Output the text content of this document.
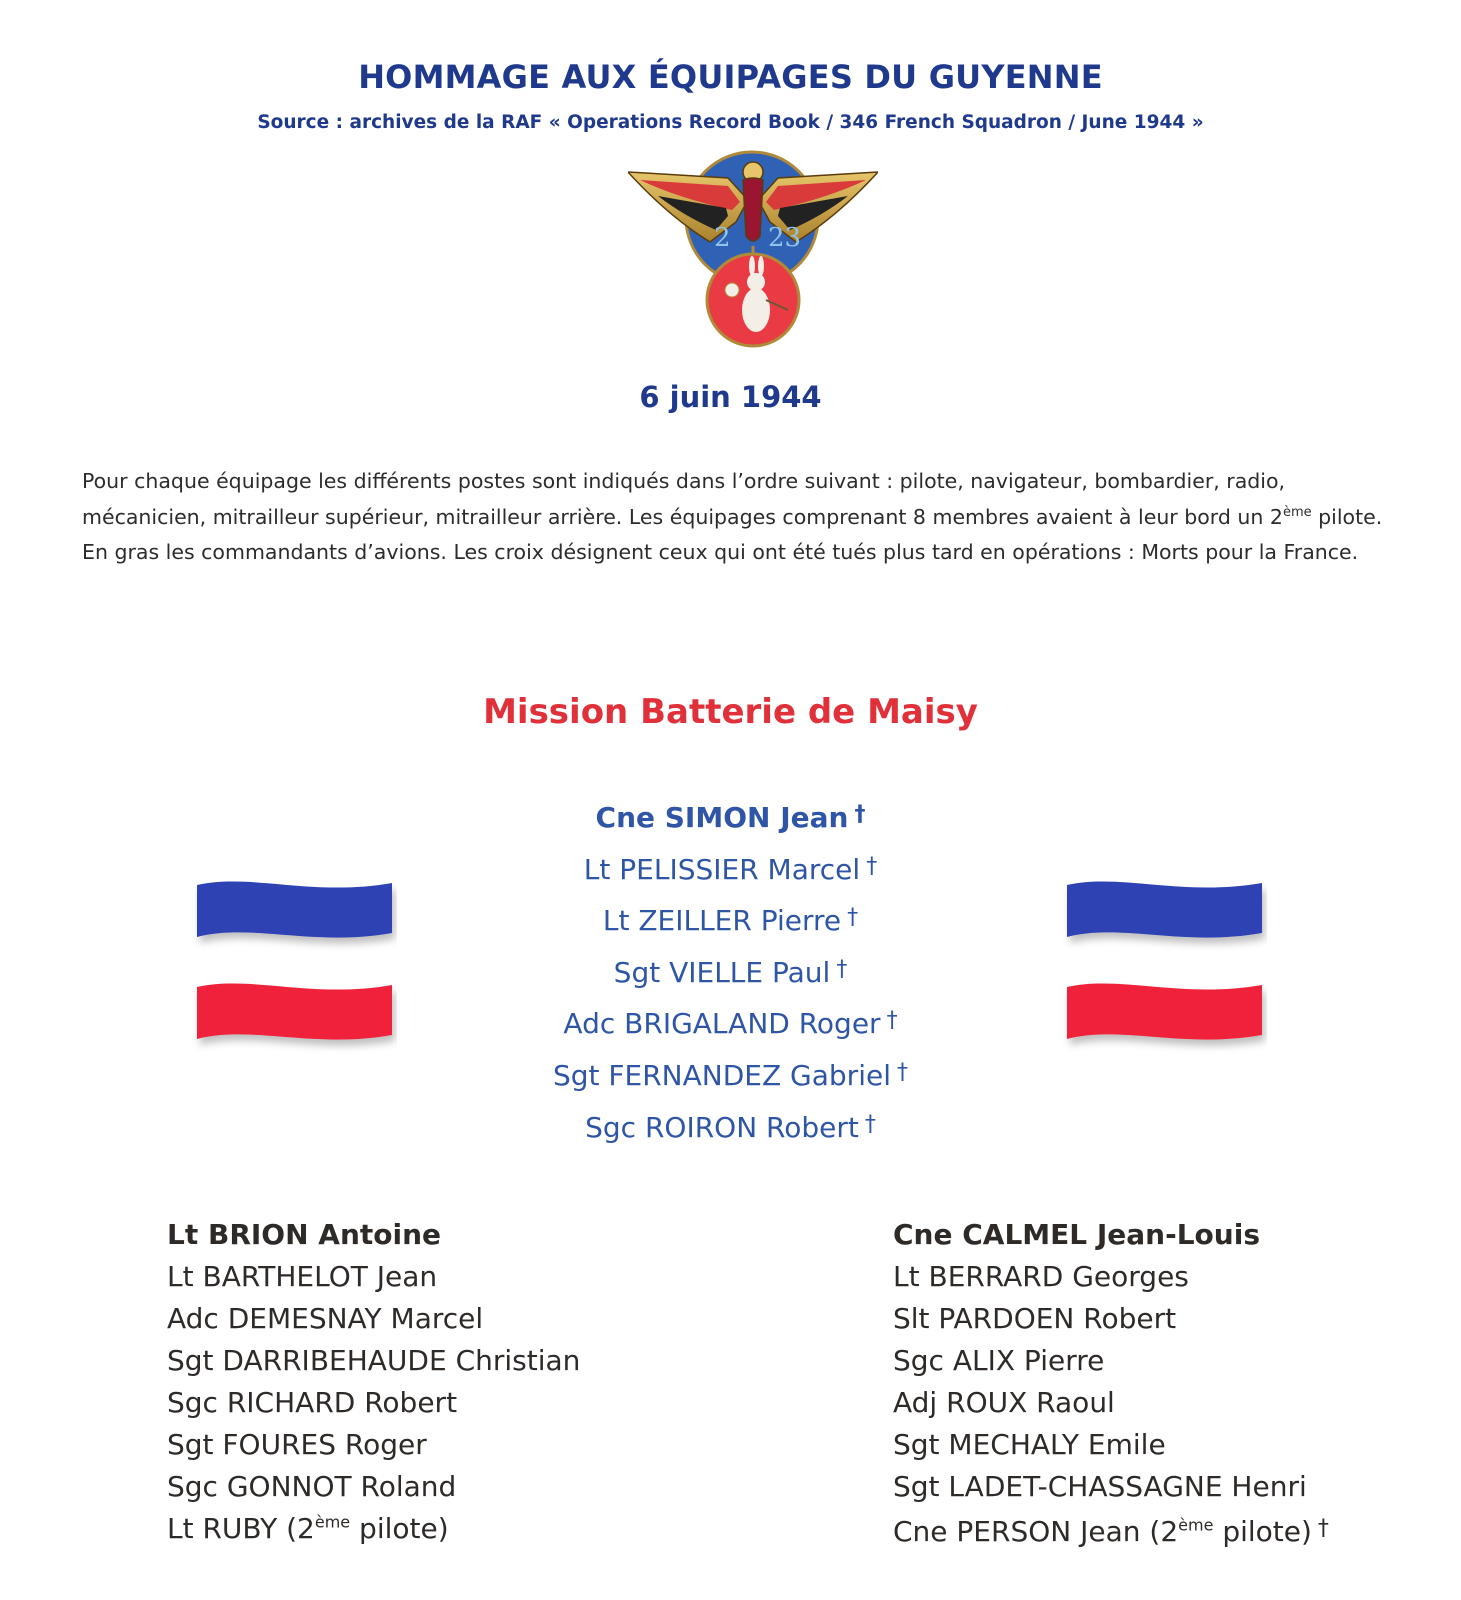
HOMMAGE AUX ÉQUIPAGES DU GUYENNE
Source : archives de la RAF « Operations Record Book / 346 French Squadron / June 1944 »
2 23
6 juin 1944
Pour chaque équipage les différents postes sont indiqués dans l’ordre suivant : pilote, navigateur, bombardier, radio, mécanicien, mitrailleur supérieur, mitrailleur arrière. Les équipages comprenant 8 membres avaient à leur bord un 2ème pilote. En gras les commandants d’avions. Les croix désignent ceux qui ont été tués plus tard en opérations : Morts pour la France.
Mission Batterie de Maisy
Cne SIMON Jean †
Lt PELISSIER Marcel †
Lt ZEILLER Pierre †
Sgt VIELLE Paul †
Adc BRIGALAND Roger †
Sgt FERNANDEZ Gabriel †
Sgc ROIRON Robert †
Lt BRION Antoine
Lt BARTHELOT Jean
Adc DEMESNAY Marcel
Sgt DARRIBEHAUDE Christian
Sgc RICHARD Robert
Sgt FOURES Roger
Sgc GONNOT Roland
Lt RUBY (2ème pilote)
Cne CALMEL Jean-Louis
Lt BERRARD Georges
Slt PARDOEN Robert
Sgc ALIX Pierre
Adj ROUX Raoul
Sgt MECHALY Emile
Sgt LADET-CHASSAGNE Henri
Cne PERSON Jean (2ème pilote) †
